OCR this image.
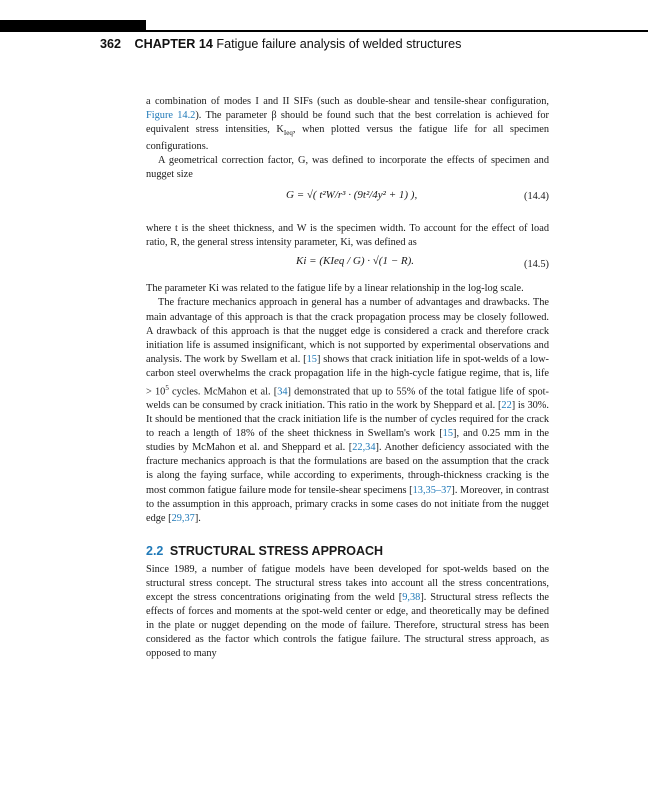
362 CHAPTER 14 Fatigue failure analysis of welded structures

a combination of modes I and II SIFs (such as double-shear and tensile-shear configuration, Figure 14.2). The parameter β should be found such that the best correlation is achieved for equivalent stress intensities, $K_{Ieq}$, when plotted versus the fatigue life for all specimen configurations.

A geometrical correction factor, G, was defined to incorporate the effects of specimen and nugget size

G = √( t²W/r³ · (9t²/4y² + 1) ),	(14.4)

where t is the sheet thickness, and W is the specimen width. To account for the effect of load ratio, R, the general stress intensity parameter, Ki, was defined as

Ki = (KIeq / G) · √(1 − R).	(14.5)

The parameter Ki was related to the fatigue life by a linear relationship in the log-log scale.

The fracture mechanics approach in general has a number of advantages and drawbacks. The main advantage of this approach is that the crack propagation process may be closely followed. A drawback of this approach is that the nugget edge is considered a crack and therefore crack initiation life is assumed insignificant, which is not supported by experimental observations and analysis. The work by Swellam et al. [15] shows that crack initiation life in spot-welds of a low-carbon steel overwhelms the crack propagation life in the high-cycle fatigue regime, that is, life > $10^5$ cycles. McMahon et al. [34] demonstrated that up to 55% of the total fatigue life of spot-welds can be consumed by crack initiation. This ratio in the work by Sheppard et al. [22] is 30%. It should be mentioned that the crack initiation life is the number of cycles required for the crack to reach a length of 18% of the sheet thickness in Swellam's work [15], and 0.25 mm in the studies by McMahon et al. and Sheppard et al. [22,34]. Another deficiency associated with the fracture mechanics approach is that the formulations are based on the assumption that the crack is along the faying surface, while according to experiments, through-thickness cracking is the most common fatigue failure mode for tensile-shear specimens [13,35–37]. Moreover, in contrast to the assumption in this approach, primary cracks in some cases do not initiate from the nugget edge [29,37].

2.2 STRUCTURAL STRESS APPROACH

Since 1989, a number of fatigue models have been developed for spot-welds based on the structural stress concept. The structural stress takes into account all the stress concentrations, except the stress concentrations originating from the weld [9,38]. Structural stress reflects the effects of forces and moments at the spot-weld center or edge, and theoretically may be defined in the plate or nugget depending on the mode of failure. Therefore, structural stress has been considered as the factor which controls the fatigue failure. The structural stress approach, as opposed to many
